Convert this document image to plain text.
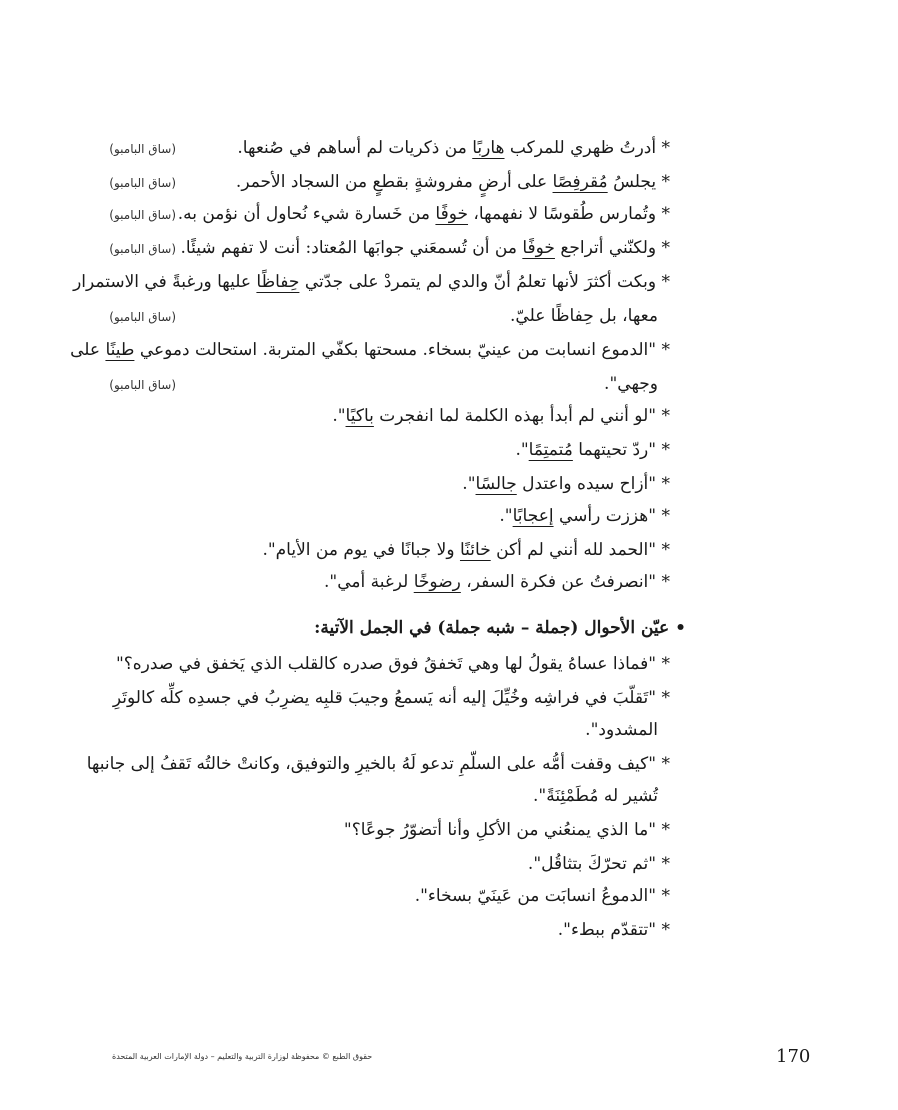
* أدرتُ ظهري للمركب هاربًا من ذكريات لم أساهم في صُنعها.
(ساق البامبو)
* يجلسُ مُقرفِصًا على أرضٍ مفروشةٍ بقطعٍ من السجاد الأحمر.
(ساق البامبو)
* وتُمارس طُقوسًا لا نفهمها، خوفًا من خَسارة شيء نُحاول أن نؤمن به.
(ساق البامبو)
* ولكنّني أتراجع خوفًا من أن تُسمعَني جوابَها المُعتاد: أنت لا تفهم شيئًا.
(ساق البامبو)
* وبكت أكثرَ لأنها تعلمُ أنّ والدي لم يتمردْ على جدّتي حِفاظًا عليها ورغبةً في الاستمرار
معها، بل حِفاظًا عليّ.
(ساق البامبو)
* "الدموع انسابت من عينيّ بسخاء. مسحتها بكفّي المتربة. استحالت دموعي طينًا على
وجهي".
(ساق البامبو)
* "لو أنني لم أبدأ بهذه الكلمة لما انفجرت باكيًا".
* "ردّ تحيتهما مُتمتِمًا".
* "أزاح سيده واعتدل جالسًا".
* "هززت رأسي إعجابًا".
* "الحمد لله أنني لم أكن خائنًا ولا جبانًا في يوم من الأيام".
* "انصرفتُ عن فكرة السفر، رضوخًا لرغبة أمي".
• عيّن الأحوال (جملة – شبه جملة) في الجمل الآتية:
* "فماذا عساهُ يقولُ لها وهي تَخفقُ فوق صدره كالقلب الذي يَخفق في صدره؟"
* "تَقلّبَ في فراشِه وخُيِّلَ إليه أنه يَسمعُ وجيبَ قلبِه يضرِبُ في جسدِه كلِّه كالوتَرِ
المشدود".
* "كيف وقفت أمُّه على السلّمِ تدعو لَهُ بالخيرِ والتوفيق، وكانتْ خالتُه تَقفُ إلى جانبها
تُشير له مُطَمْئِنَةً".
* "ما الذي يمنعُني من الأكلِ وأنا أتضوّرُ جوعًا؟"
* "ثم تحرّكَ بتثاقُل".
* "الدموعُ انسابَت من عَينَيّ بسخاء".
* "تتقدّم ببطء".
حقوق الطبع © محفوظة لوزارة التربية والتعليم – دولة الإمارات العربية المتحدة	170
